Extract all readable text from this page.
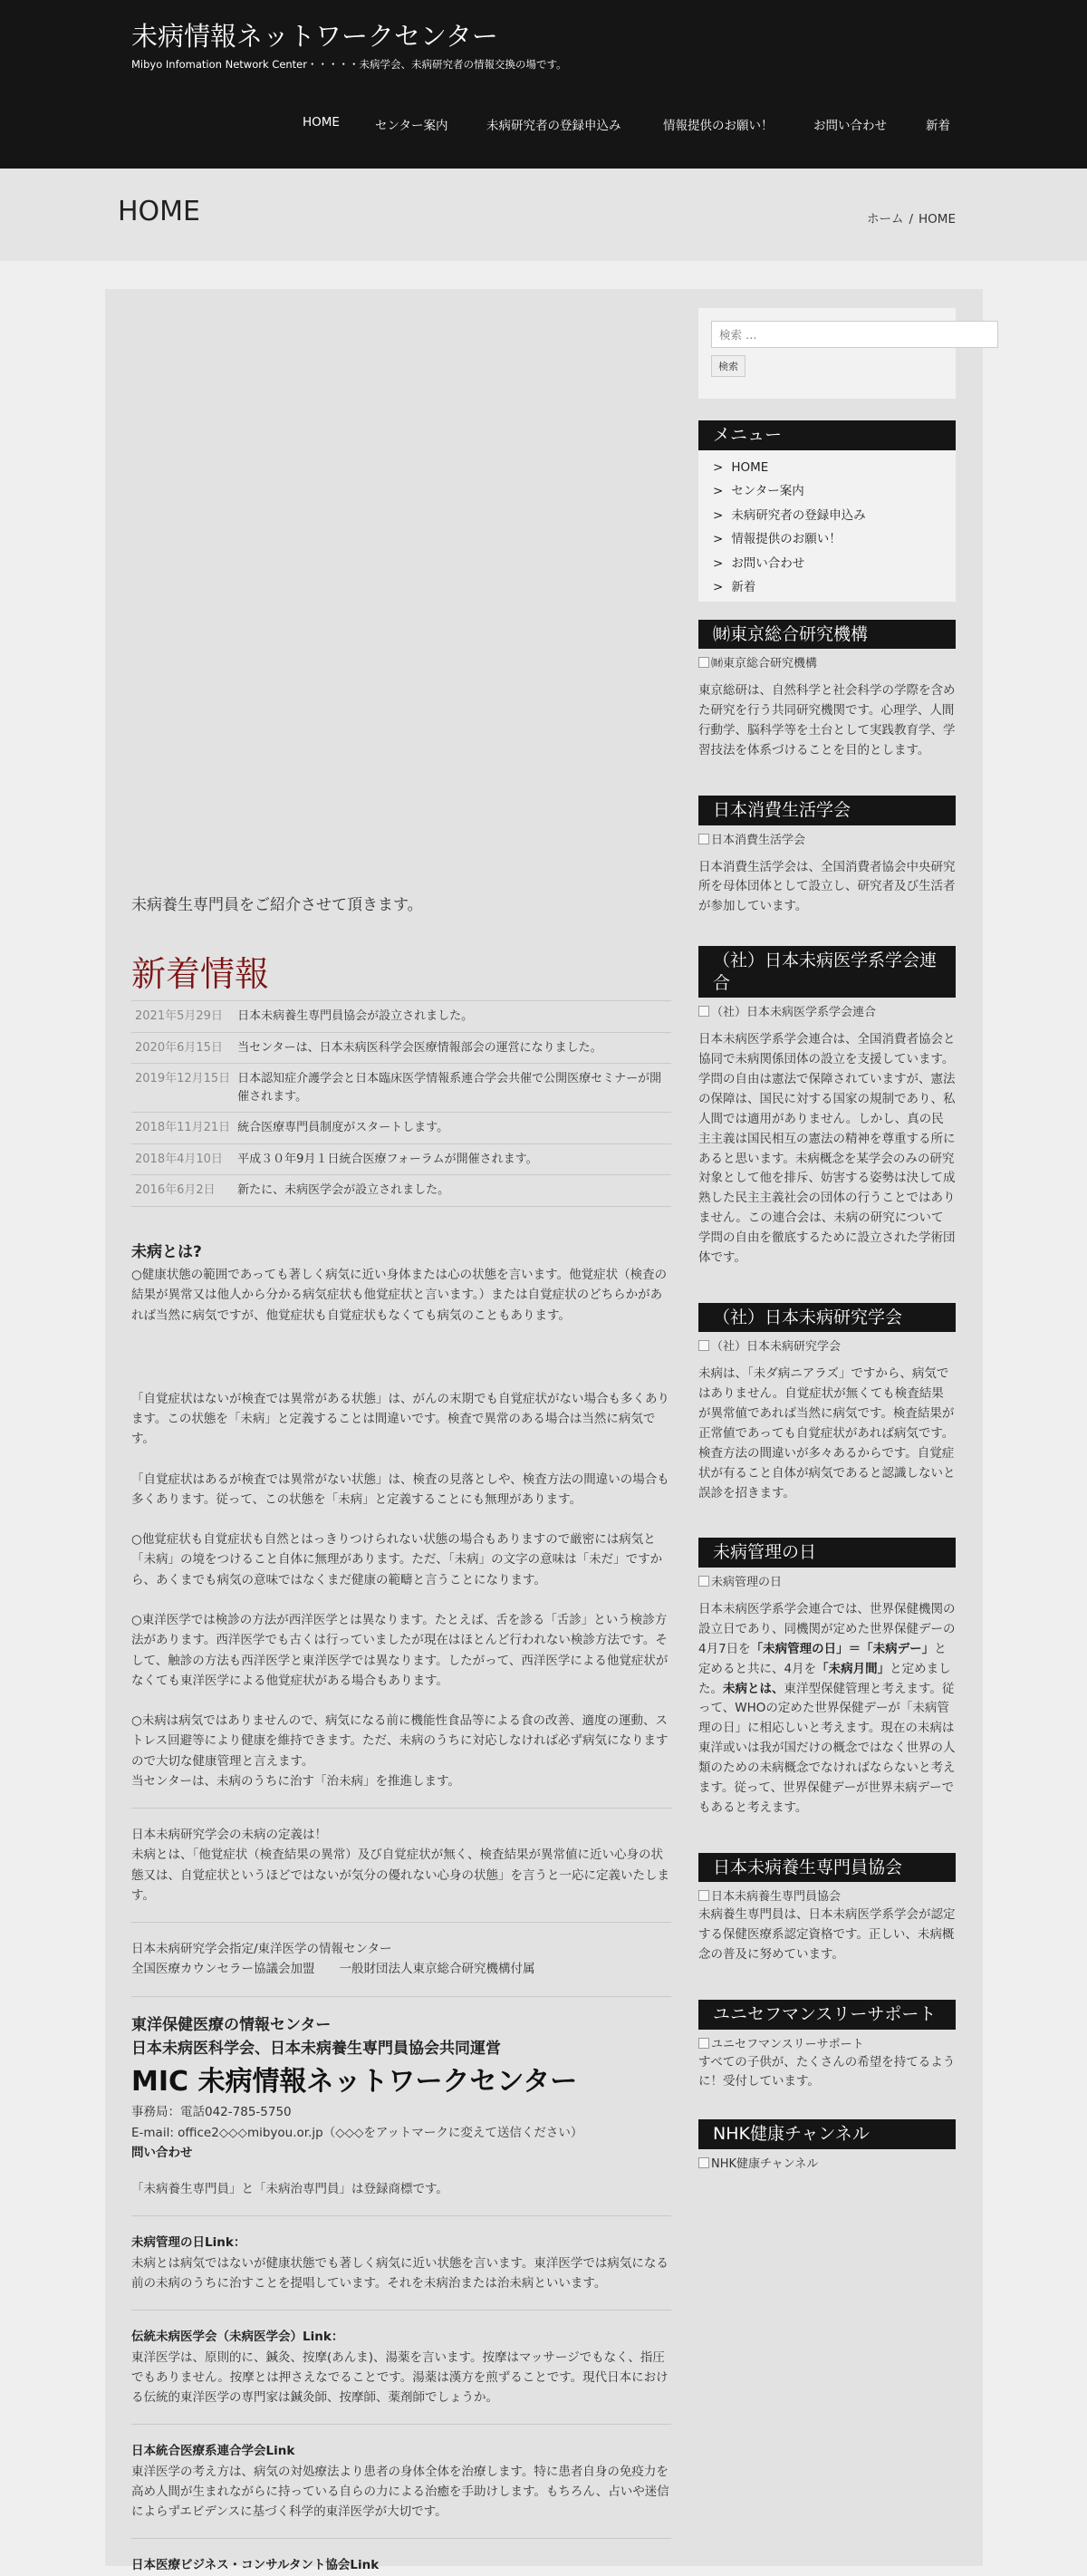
未病情報ネットワークセンター
Mibyo Infomation Network Center・・・・・未病学会、未病研究者の情報交換の場です。
HOME	センター案内	未病研究者の登録申込み	情報提供のお願い！	お問い合わせ	新着
HOME	ホーム / HOME
未病養生専門員をご紹介させて頂きます。
新着情報
2021年5月29日	日本未病養生専門員協会が設立されました。
2020年6月15日	当センターは、日本未病医科学会医療情報部会の運営になりました。
2019年12月15日	日本認知症介護学会と日本臨床医学情報系連合学会共催で公開医療セミナーが開催されます。
2018年11月21日	統合医療専門員制度がスタートします。
2018年4月10日	平成３０年9月１日統合医療フォーラムが開催されます。
2016年6月2日	新たに、未病医学会が設立されました。
未病とは?

○健康状態の範囲であっても著しく病気に近い身体または心の状態を言います。他覚症状（検査の結果が異常又は他人から分かる病気症状も他覚症状と言います。）または自覚症状のどちらかがあれば当然に病気ですが、他覚症状も自覚症状もなくても病気のこともあります。

「自覚症状はないが検査では異常がある状態」は、がんの末期でも自覚症状がない場合も多くあります。この状態を「未病」と定義することは間違いです。検査で異常のある場合は当然に病気です。

「自覚症状はあるが検査では異常がない状態」は、検査の見落としや、検査方法の間違いの場合も多くあります。従って、この状態を「未病」と定義することにも無理があります。

○他覚症状も自覚症状も自然とはっきりつけられない状態の場合もありますので厳密には病気と「未病」の境をつけること自体に無理があります。ただ、「未病」の文字の意味は「未だ」ですから、あくまでも病気の意味ではなくまだ健康の範疇と言うことになります。

○東洋医学では検診の方法が西洋医学とは異なります。たとえば、舌を診る「舌診」という検診方法があります。西洋医学でも古くは行っていましたが現在はほとんど行われない検診方法です。そして、触診の方法も西洋医学と東洋医学では異なります。したがって、西洋医学による他覚症状がなくても東洋医学による他覚症状がある場合もあります。

○未病は病気ではありませんので、病気になる前に機能性食品等による食の改善、適度の運動、ストレス回避等により健康を維持できます。ただ、未病のうちに対応しなければ必ず病気になりますので大切な健康管理と言えます。

当センターは、未病のうちに治す「治未病」を推進します。

日本未病研究学会の未病の定義は！
未病とは、「他覚症状（検査結果の異常）及び自覚症状が無く、検査結果が異常値に近い心身の状態又は、自覚症状というほどではないが気分の優れない心身の状態」を言うと一応に定義いたします。
日本未病研究学会指定/東洋医学の情報センター
全国医療カウンセラー協議会加盟　　一般財団法人東京総合研究機構付属
東洋保健医療の情報センター
日本未病医科学会、日本未病養生専門員協会共同運営
MIC 未病情報ネットワークセンター
事務局：電話042-785-5750
E-mail: office2◇◇◇mibyou.or.jp（◇◇◇をアットマークに変えて送信ください）
問い合わせ
「未病養生専門員」と「未病治専門員」は登録商標です。
未病管理の日Link：
未病とは病気ではないが健康状態でも著しく病気に近い状態を言います。東洋医学では病気になる前の未病のうちに治すことを提唱しています。それを未病治または治未病といいます。
伝統未病医学会（未病医学会）Link：
東洋医学は、原則的に、鍼灸、按摩(あんま)、湯薬を言います。按摩はマッサージでもなく、指圧でもありません。按摩とは押さえなでることです。湯薬は漢方を煎ずることです。現代日本における伝統的東洋医学の専門家は鍼灸師、按摩師、薬剤師でしょうか。
日本統合医療系連合学会Link
東洋医学の考え方は、病気の対処療法より患者の身体全体を治療します。特に患者自身の免疫力を高め人間が生まれながらに持っている自らの力による治癒を手助けします。もちろん、占いや迷信によらずエビデンスに基づく科学的東洋医学が大切です。
日本医療ビジネス・コンサルタント協会Link
検索 … 検索
メニュー
> HOME
> センター案内
> 未病研究者の登録申込み
> 情報提供のお願い！
> お問い合わせ
> 新着
㈶東京総合研究機構
㈶東京総合研究機構

東京総研は、自然科学と社会科学の学際を含めた研究を行う共同研究機関です。心理学、人間行動学、脳科学等を土台として実践教育学、学習技法を体系づけることを目的とします。

日本消費生活学会
日本消費生活学会

日本消費生活学会は、全国消費者協会中央研究所を母体団体として設立し、研究者及び生活者が参加しています。

（社）日本未病医学系学会連合
（社）日本未病医学系学会連合

日本未病医学系学会連合は、全国消費者協会と協同で未病関係団体の設立を支援しています。学問の自由は憲法で保障されていますが、憲法の保障は、国民に対する国家の規制であり、私人間では適用がありません。しかし、真の民主主義は国民相互の憲法の精神を尊重する所にあると思います。未病概念を某学会のみの研究対象として他を排斥、妨害する姿勢は決して成熟した民主主義社会の団体の行うことではありません。この連合会は、未病の研究について学問の自由を徹底するために設立された学術団体です。

（社）日本未病研究学会
（社）日本未病研究学会

未病は、「未ダ病ニアラズ」ですから、病気ではありません。自覚症状が無くても検査結果が異常値であれば当然に病気です。検査結果が正常値であっても自覚症状があれば病気です。検査方法の間違いが多々あるからです。自覚症状が有ること自体が病気であると認識しないと誤診を招きます。

未病管理の日
未病管理の日

日本未病医学系学会連合では、世界保健機関の設立日であり、同機関が定めた世界保健デーの4月7日を「未病管理の日」＝「未病デー」と定めると共に、4月を「未病月間」と定めました。未病とは、東洋型保健管理と考えます。従って、WHOの定めた世界保健デーが「未病管理の日」に相応しいと考えます。現在の未病は東洋或いは我が国だけの概念ではなく世界の人類のための未病概念でなければならないと考えます。従って、世界保健デーが世界未病デーでもあると考えます。

日本未病養生専門員協会
日本未病養生専門員協会

未病養生専門員は、日本未病医学系学会が認定する保健医療系認定資格です。正しい、未病概念の普及に努めています。

ユニセフマンスリーサポート
ユニセフマンスリーサポート

すべての子供が、たくさんの希望を持てるように！受付しています。

NHK健康チャンネル
NHK健康チャンネル
